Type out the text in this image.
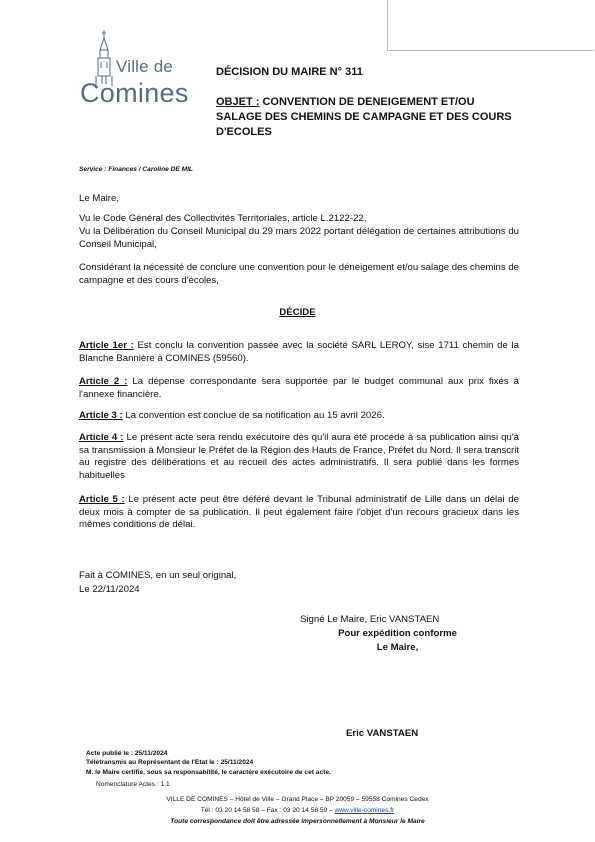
Ville de
Comines
DÉCISION DU MAIRE N° 311
OBJET : CONVENTION DE DENEIGEMENT ET/OU SALAGE DES CHEMINS DE CAMPAGNE ET DES COURS D'ECOLES
Service : Finances / Caroline DE MIL
Le Maire,
Vu le Code Général des Collectivités Territoriales, article L.2122-22,
Vu la Délibération du Conseil Municipal du 29 mars 2022 portant délégation de certaines attributions du Conseil Municipal,
Considérant la nécessité de conclure une convention pour le déneigement et/ou salage des chemins de campagne et des cours d'écoles,
DÉCIDE
Article 1er : Est conclu la convention passée avec la société SARL LEROY, sise 1711 chemin de la Blanche Bannière à COMINES (59560).
Article 2 : La dépense correspondante sera supportée par le budget communal aux prix fixés à l'annexe financière.
Article 3 : La convention est conclue de sa notification au 15 avril 2026.
Article 4 : Le présent acte sera rendu exécutoire dès qu'il aura été procédé à sa publication ainsi qu'à sa transmission à Monsieur le Préfet de la Région des Hauts de France, Préfet du Nord. Il sera transcrit au registre des délibérations et au recueil des actes administratifs. Il sera publié dans les formes habituelles
Article 5 : Le présent acte peut être déféré devant le Tribunal administratif de Lille dans un délai de deux mois à compter de sa publication. Il peut également faire l'objet d'un recours gracieux dans les mêmes conditions de délai.
Fait à COMINES, en un seul original,
Le 22/11/2024
Signé Le Maire, Eric VANSTAEN
Pour expédition conforme
Le Maire,
Eric VANSTAEN
Acte publié le : 25/11/2024
Télétransmis au Représentant de l'Etat le : 25/11/2024
M. le Maire certifie, sous sa responsabilité, le caractère exécutoire de cet acte.
Nomenclature Actes : 1.1
VILLE DE COMINES – Hôtel de Ville – Grand Place – BP 20059 – 59558 Comines Cedex
Tél : 03 20 14 58 58 – Fax : 03 20 14 58 59 – www.ville-comines.fr
Toute correspondance doit être adressée impersonnellement à Monsieur le Maire
